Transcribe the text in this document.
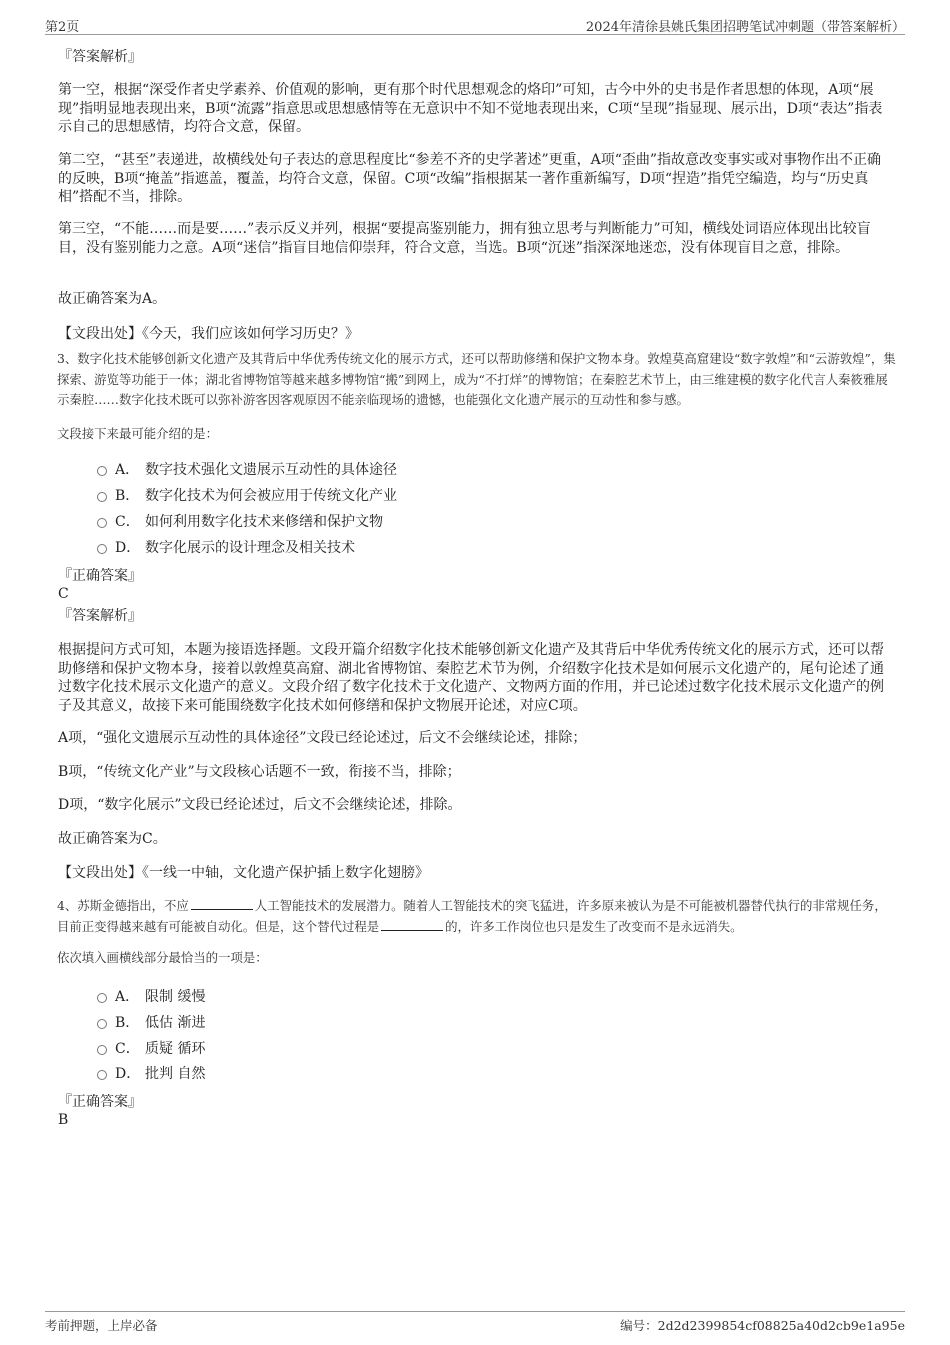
第2页	2024年清徐县姚氏集团招聘笔试冲刺题（带答案解析）

『答案解析』

第一空，根据“深受作者史学素养、价值观的影响，更有那个时代思想观念的烙印”可知，古今中外的史书是作者思想的体现，A项“展现”指明显地表现出来，B项“流露”指意思或思想感情等在无意识中不知不觉地表现出来，C项“呈现”指显现、展示出，D项“表达”指表示自己的思想感情，均符合文意，保留。

第二空，“甚至”表递进，故横线处句子表达的意思程度比“参差不齐的史学著述”更重，A项“歪曲”指故意改变事实或对事物作出不正确的反映，B项“掩盖”指遮盖，覆盖，均符合文意，保留。C项“改编”指根据某一著作重新编写，D项“捏造”指凭空编造，均与“历史真相”搭配不当，排除。

第三空，“不能……而是要……”表示反义并列，根据“要提高鉴别能力，拥有独立思考与判断能力”可知，横线处词语应体现出比较盲目，没有鉴别能力之意。A项“迷信”指盲目地信仰崇拜，符合文意，当选。B项“沉迷”指深深地迷恋，没有体现盲目之意，排除。

故正确答案为A。

【文段出处】《今天，我们应该如何学习历史？》

3、数字化技术能够创新文化遗产及其背后中华优秀传统文化的展示方式，还可以帮助修缮和保护文物本身。敦煌莫高窟建设“数字敦煌”和“云游敦煌”，集探索、游览等功能于一体；湖北省博物馆等越来越多博物馆“搬”到网上，成为“不打烊”的博物馆；在秦腔艺术节上，由三维建模的数字化代言人秦筱雅展示秦腔……数字化技术既可以弥补游客因客观原因不能亲临现场的遗憾，也能强化文化遗产展示的互动性和参与感。

文段接下来最可能介绍的是：

A． 数字技术强化文遗展示互动性的具体途径
B． 数字化技术为何会被应用于传统文化产业
C． 如何利用数字化技术来修缮和保护文物
D． 数字化展示的设计理念及相关技术

『正确答案』

C

『答案解析』

根据提问方式可知，本题为接语选择题。文段开篇介绍数字化技术能够创新文化遗产及其背后中华优秀传统文化的展示方式，还可以帮助修缮和保护文物本身，接着以敦煌莫高窟、湖北省博物馆、秦腔艺术节为例，介绍数字化技术是如何展示文化遗产的，尾句论述了通过数字化技术展示文化遗产的意义。文段介绍了数字化技术于文化遗产、文物两方面的作用，并已论述过数字化技术展示文化遗产的例子及其意义，故接下来可能围绕数字化技术如何修缮和保护文物展开论述，对应C项。

A项，“强化文遗展示互动性的具体途径”文段已经论述过，后文不会继续论述，排除；

B项，“传统文化产业”与文段核心话题不一致，衔接不当，排除；

D项，“数字化展示”文段已经论述过，后文不会继续论述，排除。

故正确答案为C。

【文段出处】《一线一中轴，文化遗产保护插上数字化翅膀》

4、苏斯金德指出，不应	人工智能技术的发展潜力。随着人工智能技术的突飞猛进，许多原来被认为是不可能被机器替代执行的非常规任务，目前正变得越来越有可能被自动化。但是，这个替代过程是	的，许多工作岗位也只是发生了改变而不是永远消失。

依次填入画横线部分最恰当的一项是：

A． 限制 缓慢
B． 低估 渐进
C． 质疑 循环
D． 批判 自然

『正确答案』

B

考前押题，上岸必备	编号：2d2d2399854cf08825a40d2cb9e1a95e
